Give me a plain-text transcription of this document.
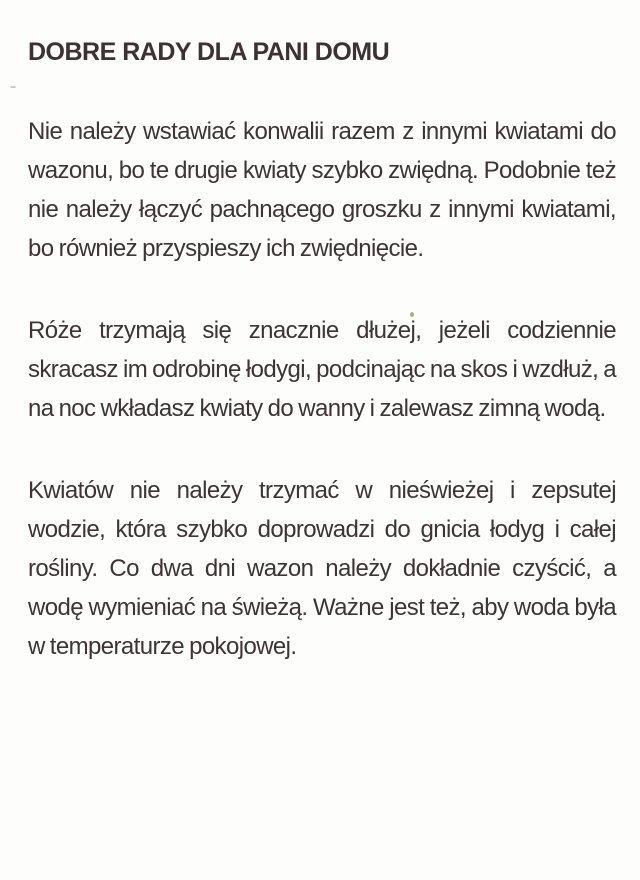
DOBRE RADY DLA PANI DOMU

Nie należy wstawiać konwalii razem z innymi kwiatami do wazonu, bo te drugie kwiaty szybko zwiędną. Podobnie też nie należy łączyć pachnącego groszku z innymi kwiatami, bo również przyspieszy ich zwiędnięcie.

Róże trzymają się znacznie dłużej, jeżeli codziennie skracasz im odrobinę łodygi, podcinając na skos i wzdłuż, a na noc wkładasz kwiaty do wanny i zalewasz zimną wodą.

Kwiatów nie należy trzymać w nieświeżej i zepsutej wodzie, która szybko doprowadzi do gnicia łodyg i całej rośliny. Co dwa dni wazon należy dokładnie czyścić, a wodę wymieniać na świeżą. Ważne jest też, aby woda była w temperaturze pokojowej.
